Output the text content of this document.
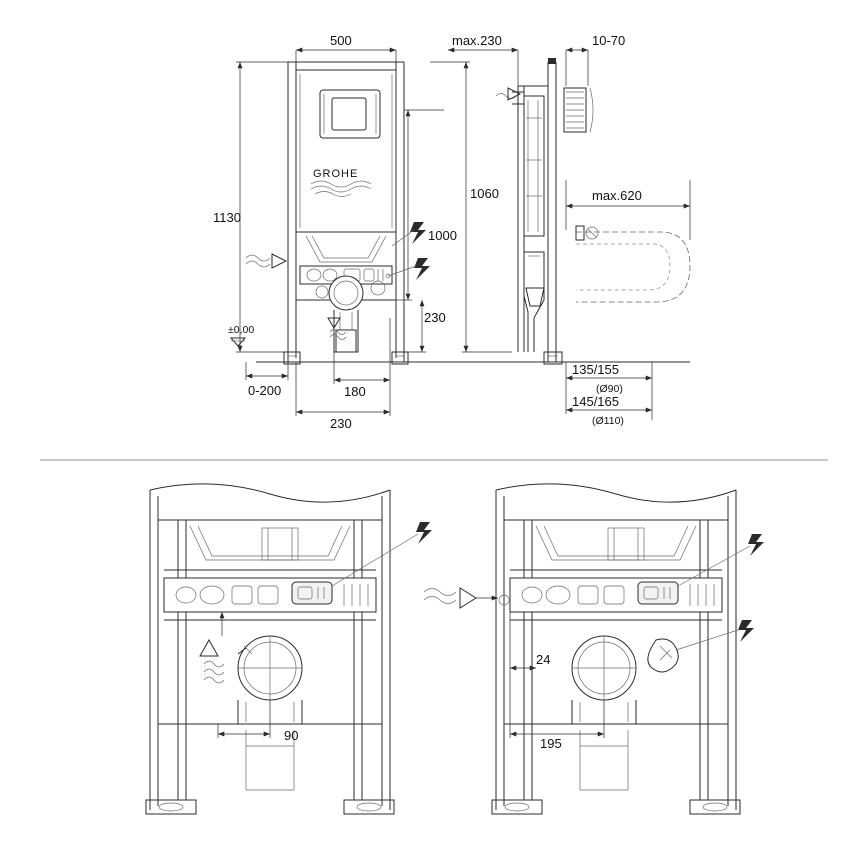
GROHE
500
1130
±0,00
0-200	180
230
1000
230
1060
max.230	10-70
max.620
135/155
(Ø90)
145/165
(Ø110)
90
24
195
